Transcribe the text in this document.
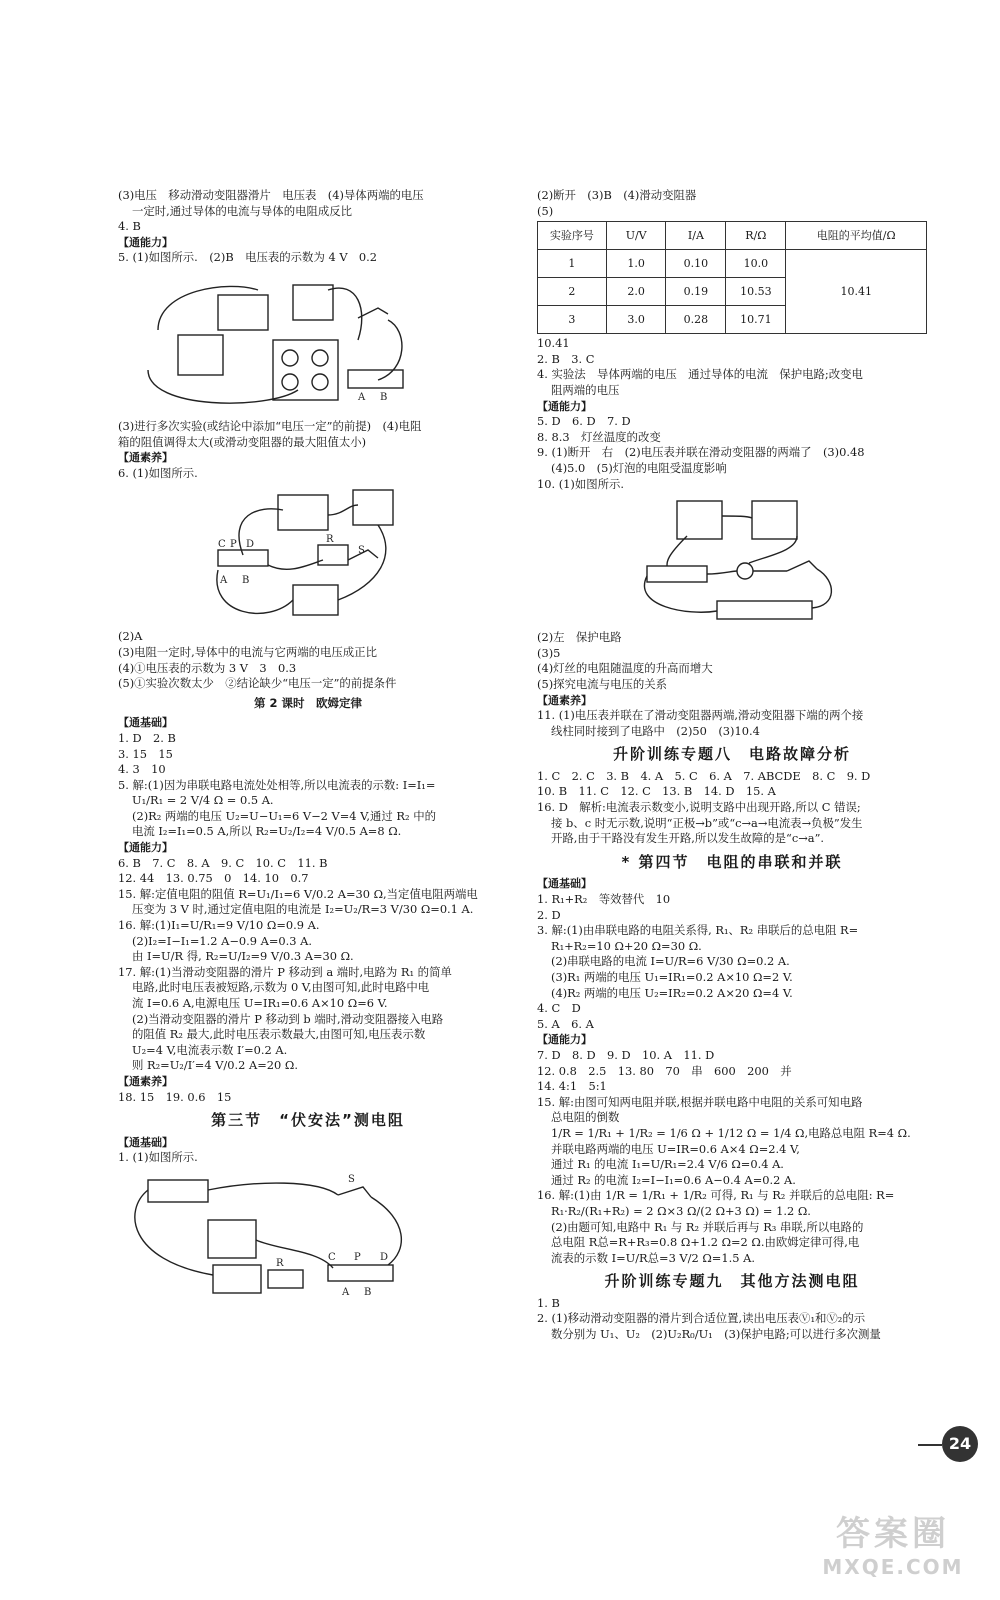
(3)电压　移动滑动变阻器滑片　电压表　(4)导体两端的电压
一定时,通过导体的电流与导体的电阻成反比
4. B
【通能力】
5. (1)如图所示.　(2)B　电压表的示数为 4 V　0.2
A B
(3)进行多次实验(或结论中添加“电压一定”的前提)　(4)电阻
箱的阻值调得太大(或滑动变阻器的最大阻值太小)
【通素养】
6. (1)如图所示.
C P D
A B
R
S
(2)A
(3)电阻一定时,导体中的电流与它两端的电压成正比
(4)①电压表的示数为 3 V　3　0.3
(5)①实验次数太少　②结论缺少“电压一定”的前提条件
第 2 课时　欧姆定律
【通基础】
1. D　2. B
3. 15　15
4. 3　10
5. 解:(1)因为串联电路电流处处相等,所以电流表的示数: I=I₁=
U₁/R₁ = 2 V/4 Ω = 0.5 A.
(2)R₂ 两端的电压 U₂=U−U₁=6 V−2 V=4 V,通过 R₂ 中的
电流 I₂=I₁=0.5 A,所以 R₂=U₂/I₂=4 V/0.5 A=8 Ω.
【通能力】
6. B　7. C　8. A　9. C　10. C　11. B
12. 44　13. 0.75　0　14. 10　0.7
15. 解:定值电阻的阻值 R=U₁/I₁=6 V/0.2 A=30 Ω,当定值电阻两端电
压变为 3 V 时,通过定值电阻的电流是 I₂=U₂/R=3 V/30 Ω=0.1 A.
16. 解:(1)I₁=U/R₁=9 V/10 Ω=0.9 A.
(2)I₂=I−I₁=1.2 A−0.9 A=0.3 A.
由 I=U/R 得, R₂=U/I₂=9 V/0.3 A=30 Ω.
17. 解:(1)当滑动变阻器的滑片 P 移动到 a 端时,电路为 R₁ 的简单
电路,此时电压表被短路,示数为 0 V,由图可知,此时电路中电
流 I=0.6 A,电源电压 U=IR₁=0.6 A×10 Ω=6 V.
(2)当滑动变阻器的滑片 P 移动到 b 端时,滑动变阻器接入电路
的阻值 R₂ 最大,此时电压表示数最大,由图可知,电压表示数
U₂=4 V,电流表示数 I′=0.2 A.
则 R₂=U₂/I′=4 V/0.2 A=20 Ω.
【通素养】
18. 15　19. 0.6　15
第三节　“伏安法”测电阻
【通基础】
1. (1)如图所示.
S
R
C P D
A B
(2)断开　(3)B　(4)滑动变阻器
(5)
实验序号	U/V	I/A	R/Ω	电阻的平均值/Ω
1	1.0	0.10	10.0	10.41
2	2.0	0.19	10.53	
3	3.0	0.28	10.71	
10.41
2. B　3. C
4. 实验法　导体两端的电压　通过导体的电流　保护电路;改变电
阻两端的电压
【通能力】
5. D　6. D　7. D
8. 8.3　灯丝温度的改变
9. (1)断开　右　(2)电压表并联在滑动变阻器的两端了　(3)0.48
(4)5.0　(5)灯泡的电阻受温度影响
10. (1)如图所示.
(2)左　保护电路
(3)5
(4)灯丝的电阻随温度的升高而增大
(5)探究电流与电压的关系
【通素养】
11. (1)电压表并联在了滑动变阻器两端,滑动变阻器下端的两个接
线柱同时接到了电路中　(2)50　(3)10.4
升阶训练专题八　电路故障分析
1. C　2. C　3. B　4. A　5. C　6. A　7. ABCDE　8. C　9. D
10. B　11. C　12. C　13. B　14. D　15. A
16. D　解析:电流表示数变小,说明支路中出现开路,所以 C 错误;
接 b、c 时无示数,说明“正极→b”或“c→a→电流表→负极”发生
开路,由于干路没有发生开路,所以发生故障的是“c→a”.
* 第四节　电阻的串联和并联
【通基础】
1. R₁+R₂　等效替代　10
2. D
3. 解:(1)由串联电路的电阻关系得, R₁、R₂ 串联后的总电阻 R=
R₁+R₂=10 Ω+20 Ω=30 Ω.
(2)串联电路的电流 I=U/R=6 V/30 Ω=0.2 A.
(3)R₁ 两端的电压 U₁=IR₁=0.2 A×10 Ω=2 V.
(4)R₂ 两端的电压 U₂=IR₂=0.2 A×20 Ω=4 V.
4. C　D
5. A　6. A
【通能力】
7. D　8. D　9. D　10. A　11. D
12. 0.8　2.5　13. 80　70　串　600　200　并
14. 4:1　5:1
15. 解:由图可知两电阻并联,根据并联电路中电阻的关系可知电路
总电阻的倒数
1/R = 1/R₁ + 1/R₂ = 1/6 Ω + 1/12 Ω = 1/4 Ω,电路总电阻 R=4 Ω.
并联电路两端的电压 U=IR=0.6 A×4 Ω=2.4 V,
通过 R₁ 的电流 I₁=U/R₁=2.4 V/6 Ω=0.4 A.
通过 R₂ 的电流 I₂=I−I₁=0.6 A−0.4 A=0.2 A.
16. 解:(1)由 1/R = 1/R₁ + 1/R₂ 可得, R₁ 与 R₂ 并联后的总电阻: R=
R₁·R₂/(R₁+R₂) = 2 Ω×3 Ω/(2 Ω+3 Ω) = 1.2 Ω.
(2)由题可知,电路中 R₁ 与 R₂ 并联后再与 R₃ 串联,所以电路的
总电阻 R总=R+R₃=0.8 Ω+1.2 Ω=2 Ω.由欧姆定律可得,电
流表的示数 I=U/R总=3 V/2 Ω=1.5 A.
升阶训练专题九　其他方法测电阻
1. B
2. (1)移动滑动变阻器的滑片到合适位置,读出电压表Ⓥ₁和Ⓥ₂的示
数分别为 U₁、U₂　(2)U₂R₀/U₁　(3)保护电路;可以进行多次测量
24
答案圈
MXQE.COM
